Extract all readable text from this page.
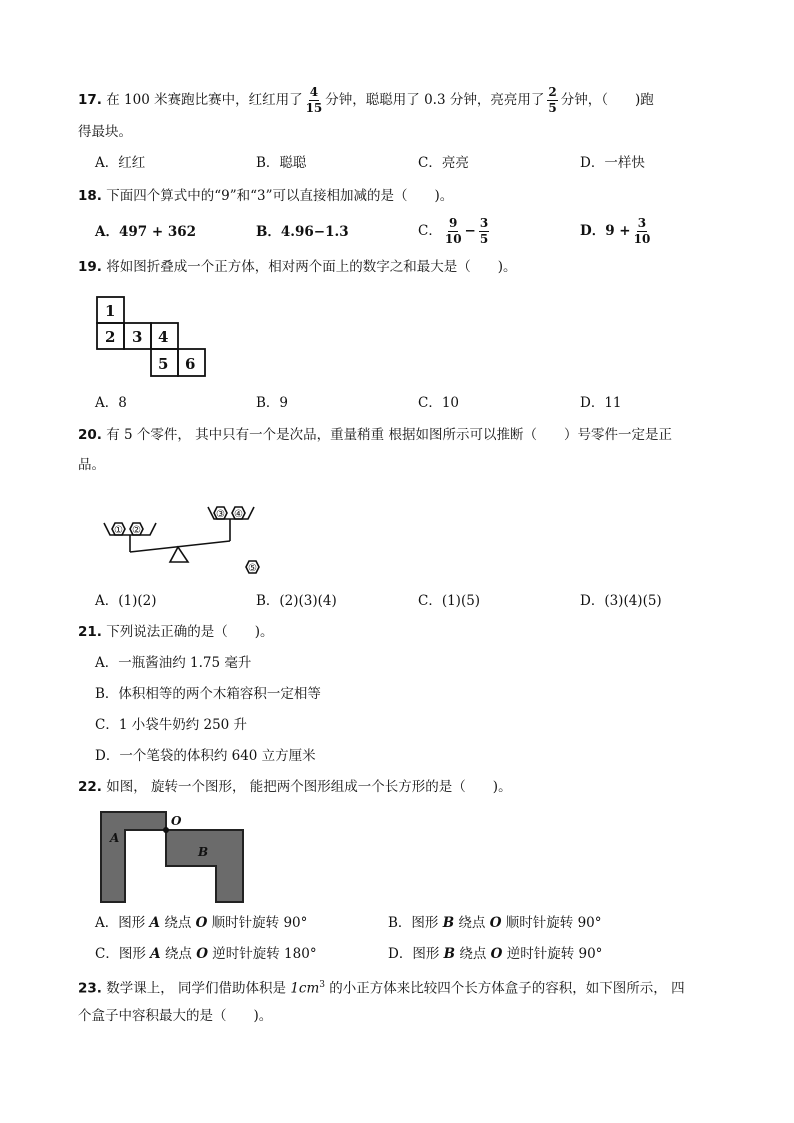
17. 在 100 米赛跑比赛中，红红用了 $\frac{4}{15}$ 分钟，聪聪用了 0.3 分钟，亮亮用了 $\frac{2}{5}$ 分钟，（　　)跑
得最块。
A．红红	B．聪聪	C．亮亮	D．一样快
18. 下面四个算式中的“9”和“3”可以直接相加减的是（　　)。
A．497 + 362	B．4.96−1.3	C． $\frac{9}{10} - \frac{3}{5}$	D．$9 + \frac{3}{10}$
19. 将如图折叠成一个正方体，相对两个面上的数字之和最大是（　　)。
1
2 3 4
5 6
A．8	B．9	C．10	D．11
20. 有 5 个零件， 其中只有一个是次品，重量稍重 根据如图所示可以推断（　　）号零件一定是正
品。
① ②
③ ④
⑤
A．(1)(2)	B．(2)(3)(4)	C．(1)(5)	D．(3)(4)(5)
21. 下列说法正确的是（　　)。
A．一瓶酱油约 1.75 毫升
B．体积相等的两个木箱容积一定相等
C．1 小袋牛奶约 250 升
D．一个笔袋的体积约 640 立方厘米
22. 如图， 旋转一个图形， 能把两个图形组成一个长方形的是（　　)。
A
B
O
A．图形 A 绕点 O 顺时针旋转 90°	B．图形 B 绕点 O 顺时针旋转 90°
C．图形 A 绕点 O 逆时针旋转 180°	D．图形 B 绕点 O 逆时针旋转 90°
23. 数学课上， 同学们借助体积是 $1cm^3$ 的小正方体来比较四个长方体盒子的容积，如下图所示， 四
个盒子中容积最大的是（　　)。
